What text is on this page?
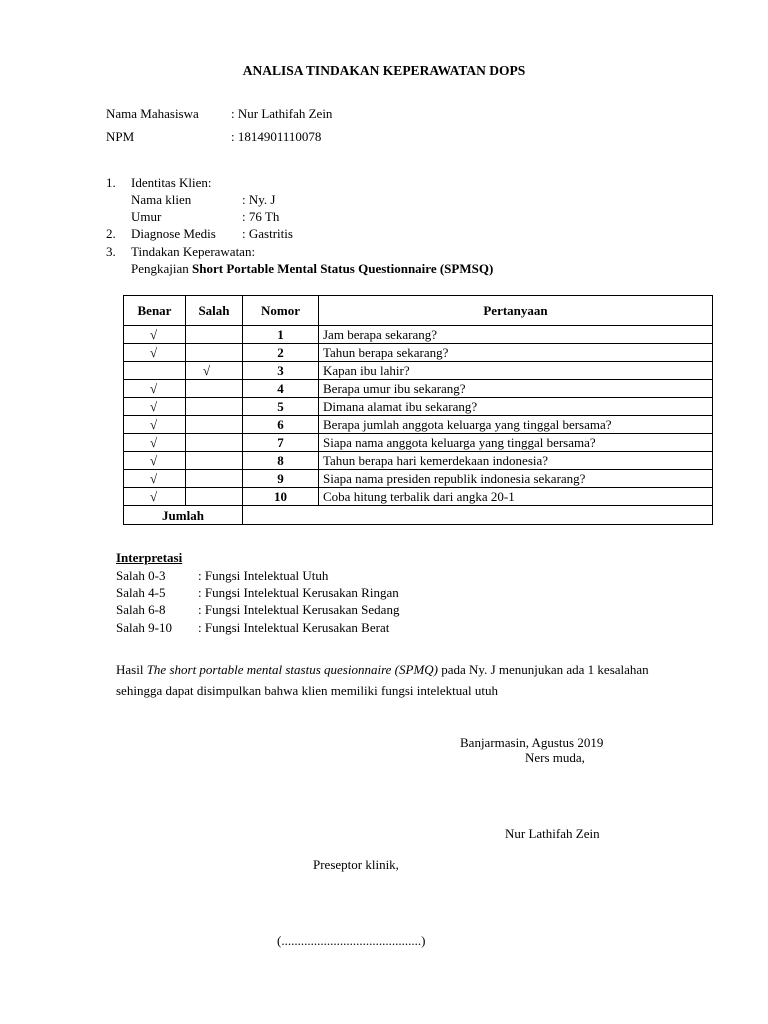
ANALISA TINDAKAN KEPERAWATAN DOPS
Nama Mahasiswa : Nur Lathifah Zein
NPM	: 1814901110078
1. Identitas Klien:
Nama klien	: Ny. J
Umur	: 76 Th
2. Diagnose Medis : Gastritis
3. Tindakan Keperawatan:
Pengkajian Short Portable Mental Status Questionnaire (SPMSQ)
Benar	Salah	Nomor	Pertanyaan
√		1	Jam berapa sekarang?
√		2	Tahun berapa sekarang?
	√	3	Kapan ibu lahir?
√		4	Berapa umur ibu sekarang?
√		5	Dimana alamat ibu sekarang?
√		6	Berapa jumlah anggota keluarga yang tinggal bersama?
√		7	Siapa nama anggota keluarga yang tinggal bersama?
√		8	Tahun berapa hari kemerdekaan indonesia?
√		9	Siapa nama presiden republik indonesia sekarang?
√		10	Coba hitung terbalik dari angka 20-1
Jumlah			
Interpretasi
Salah 0-3	: Fungsi Intelektual Utuh
Salah 4-5	: Fungsi Intelektual Kerusakan Ringan
Salah 6-8	: Fungsi Intelektual Kerusakan Sedang
Salah 9-10 : Fungsi Intelektual Kerusakan Berat
Hasil The short portable mental stastus quesionnaire (SPMQ) pada Ny. J menunjukan ada 1 kesalahan sehingga dapat disimpulkan bahwa klien memiliki fungsi intelektual utuh
Banjarmasin, Agustus 2019
Ners muda,
Nur Lathifah Zein
Preseptor klinik,
(...........................................)
